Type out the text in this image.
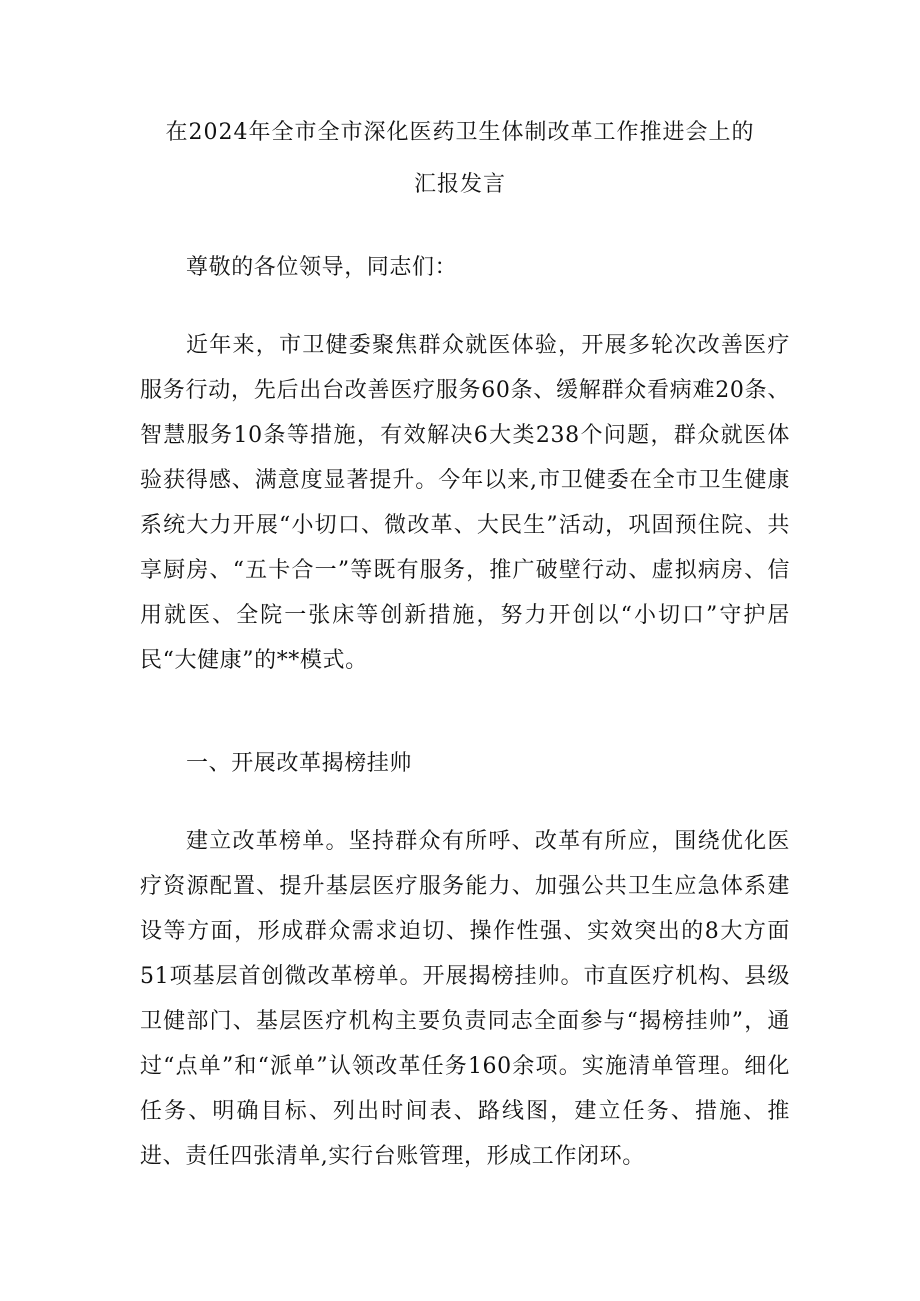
在2024年全市全市深化医药卫生体制改革工作推进会上的
汇报发言
尊敬的各位领导，同志们：
近年来，市卫健委聚焦群众就医体验，开展多轮次改善医疗服务行动，先后出台改善医疗服务60条、缓解群众看病难20条、智慧服务10条等措施，有效解决6大类238个问题，群众就医体验获得感、满意度显著提升。今年以来,市卫健委在全市卫生健康系统大力开展“小切口、微改革、大民生”活动，巩固预住院、共享厨房、“五卡合一”等既有服务，推广破壁行动、虚拟病房、信用就医、全院一张床等创新措施，努力开创以“小切口”守护居民“大健康”的**模式。
一、开展改革揭榜挂帅
建立改革榜单。坚持群众有所呼、改革有所应，围绕优化医疗资源配置、提升基层医疗服务能力、加强公共卫生应急体系建设等方面，形成群众需求迫切、操作性强、实效突出的8大方面51项基层首创微改革榜单。开展揭榜挂帅。市直医疗机构、县级卫健部门、基层医疗机构主要负责同志全面参与“揭榜挂帅”，通过“点单”和“派单”认领改革任务160余项。实施清单管理。细化任务、明确目标、列出时间表、路线图，建立任务、措施、推进、责任四张清单,实行台账管理，形成工作闭环。
